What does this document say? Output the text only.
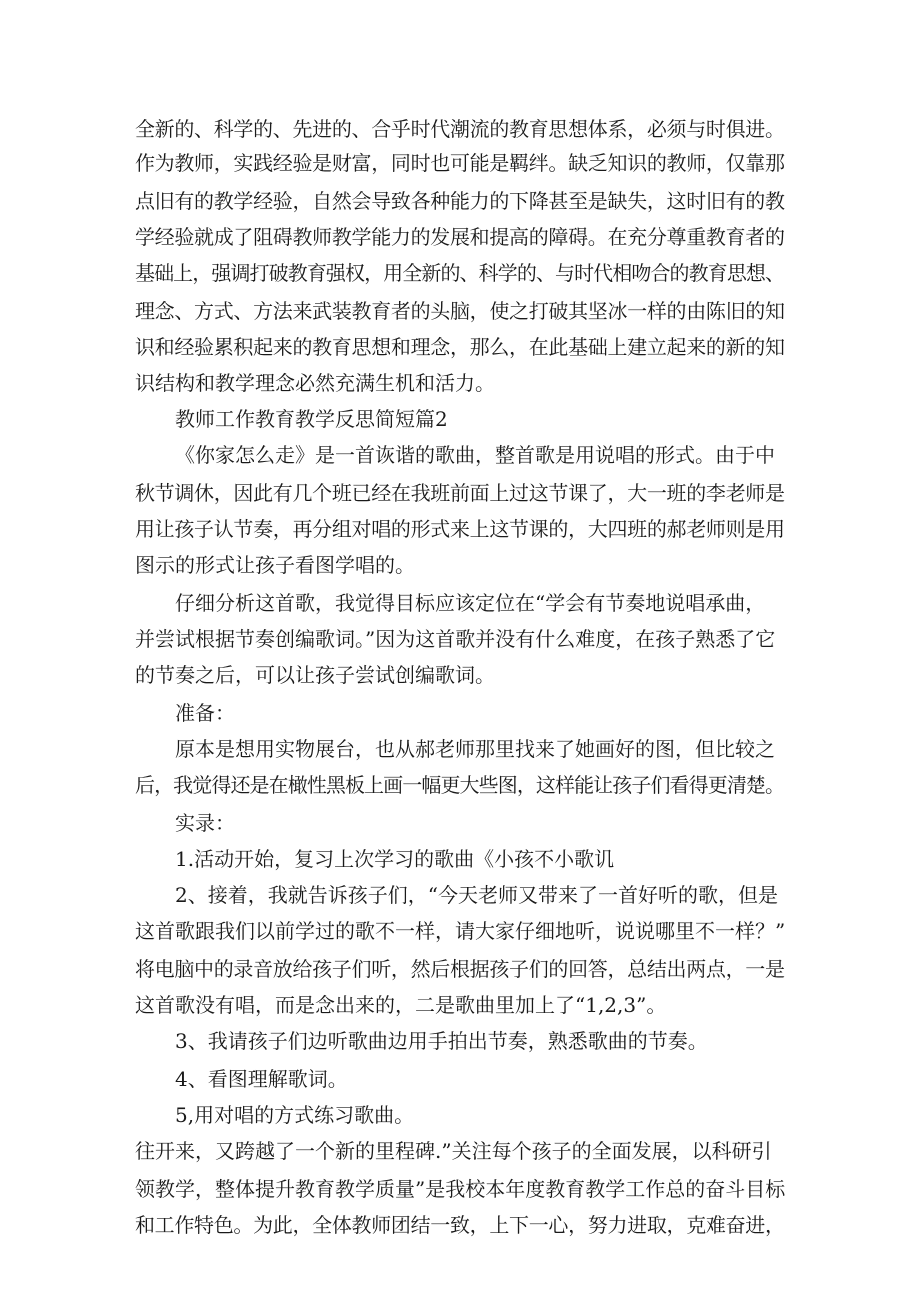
全新的、科学的、先进的、合乎时代潮流的教育思想体系，必须与时俱进。
作为教师，实践经验是财富，同时也可能是羁绊。缺乏知识的教师，仅靠那
点旧有的教学经验，自然会导致各种能力的下降甚至是缺失，这时旧有的教
学经验就成了阻碍教师教学能力的发展和提高的障碍。在充分尊重教育者的
基础上，强调打破教育强权，用全新的、科学的、与时代相吻合的教育思想、
理念、方式、方法来武装教育者的头脑，使之打破其坚冰一样的由陈旧的知
识和经验累积起来的教育思想和理念，那么，在此基础上建立起来的新的知
识结构和教学理念必然充满生机和活力。
教师工作教育教学反思简短篇2
《你家怎么走》是一首诙谐的歌曲，整首歌是用说唱的形式。由于中
秋节调休，因此有几个班已经在我班前面上过这节课了，大一班的李老师是
用让孩子认节奏，再分组对唱的形式来上这节课的，大四班的郝老师则是用
图示的形式让孩子看图学唱的。
仔细分析这首歌，我觉得目标应该定位在“学会有节奏地说唱承曲，
并尝试根据节奏创编歌词。”因为这首歌并没有什么难度，在孩子熟悉了它
的节奏之后，可以让孩子尝试创编歌词。
准备：
原本是想用实物展台，也从郝老师那里找来了她画好的图，但比较之
后，我觉得还是在橄性黑板上画一幅更大些图，这样能让孩子们看得更清楚。
实录：
1.活动开始，复习上次学习的歌曲《小孩不小歌讥
2、接着，我就告诉孩子们，“今天老师又带来了一首好听的歌，但是
这首歌跟我们以前学过的歌不一样，请大家仔细地听，说说哪里不一样？”
将电脑中的录音放给孩子们听，然后根据孩子们的回答，总结出两点，一是
这首歌没有唱，而是念出来的，二是歌曲里加上了“1,2,3”。
3、我请孩子们边听歌曲边用手拍出节奏，熟悉歌曲的节奏。
4、看图理解歌词。
5,用对唱的方式练习歌曲。
往开来，又跨越了一个新的里程碑.”关注每个孩子的全面发展，以科研引
领教学，整体提升教育教学质量”是我校本年度教育教学工作总的奋斗目标
和工作特色。为此，全体教师团结一致，上下一心，努力进取，克难奋进，
